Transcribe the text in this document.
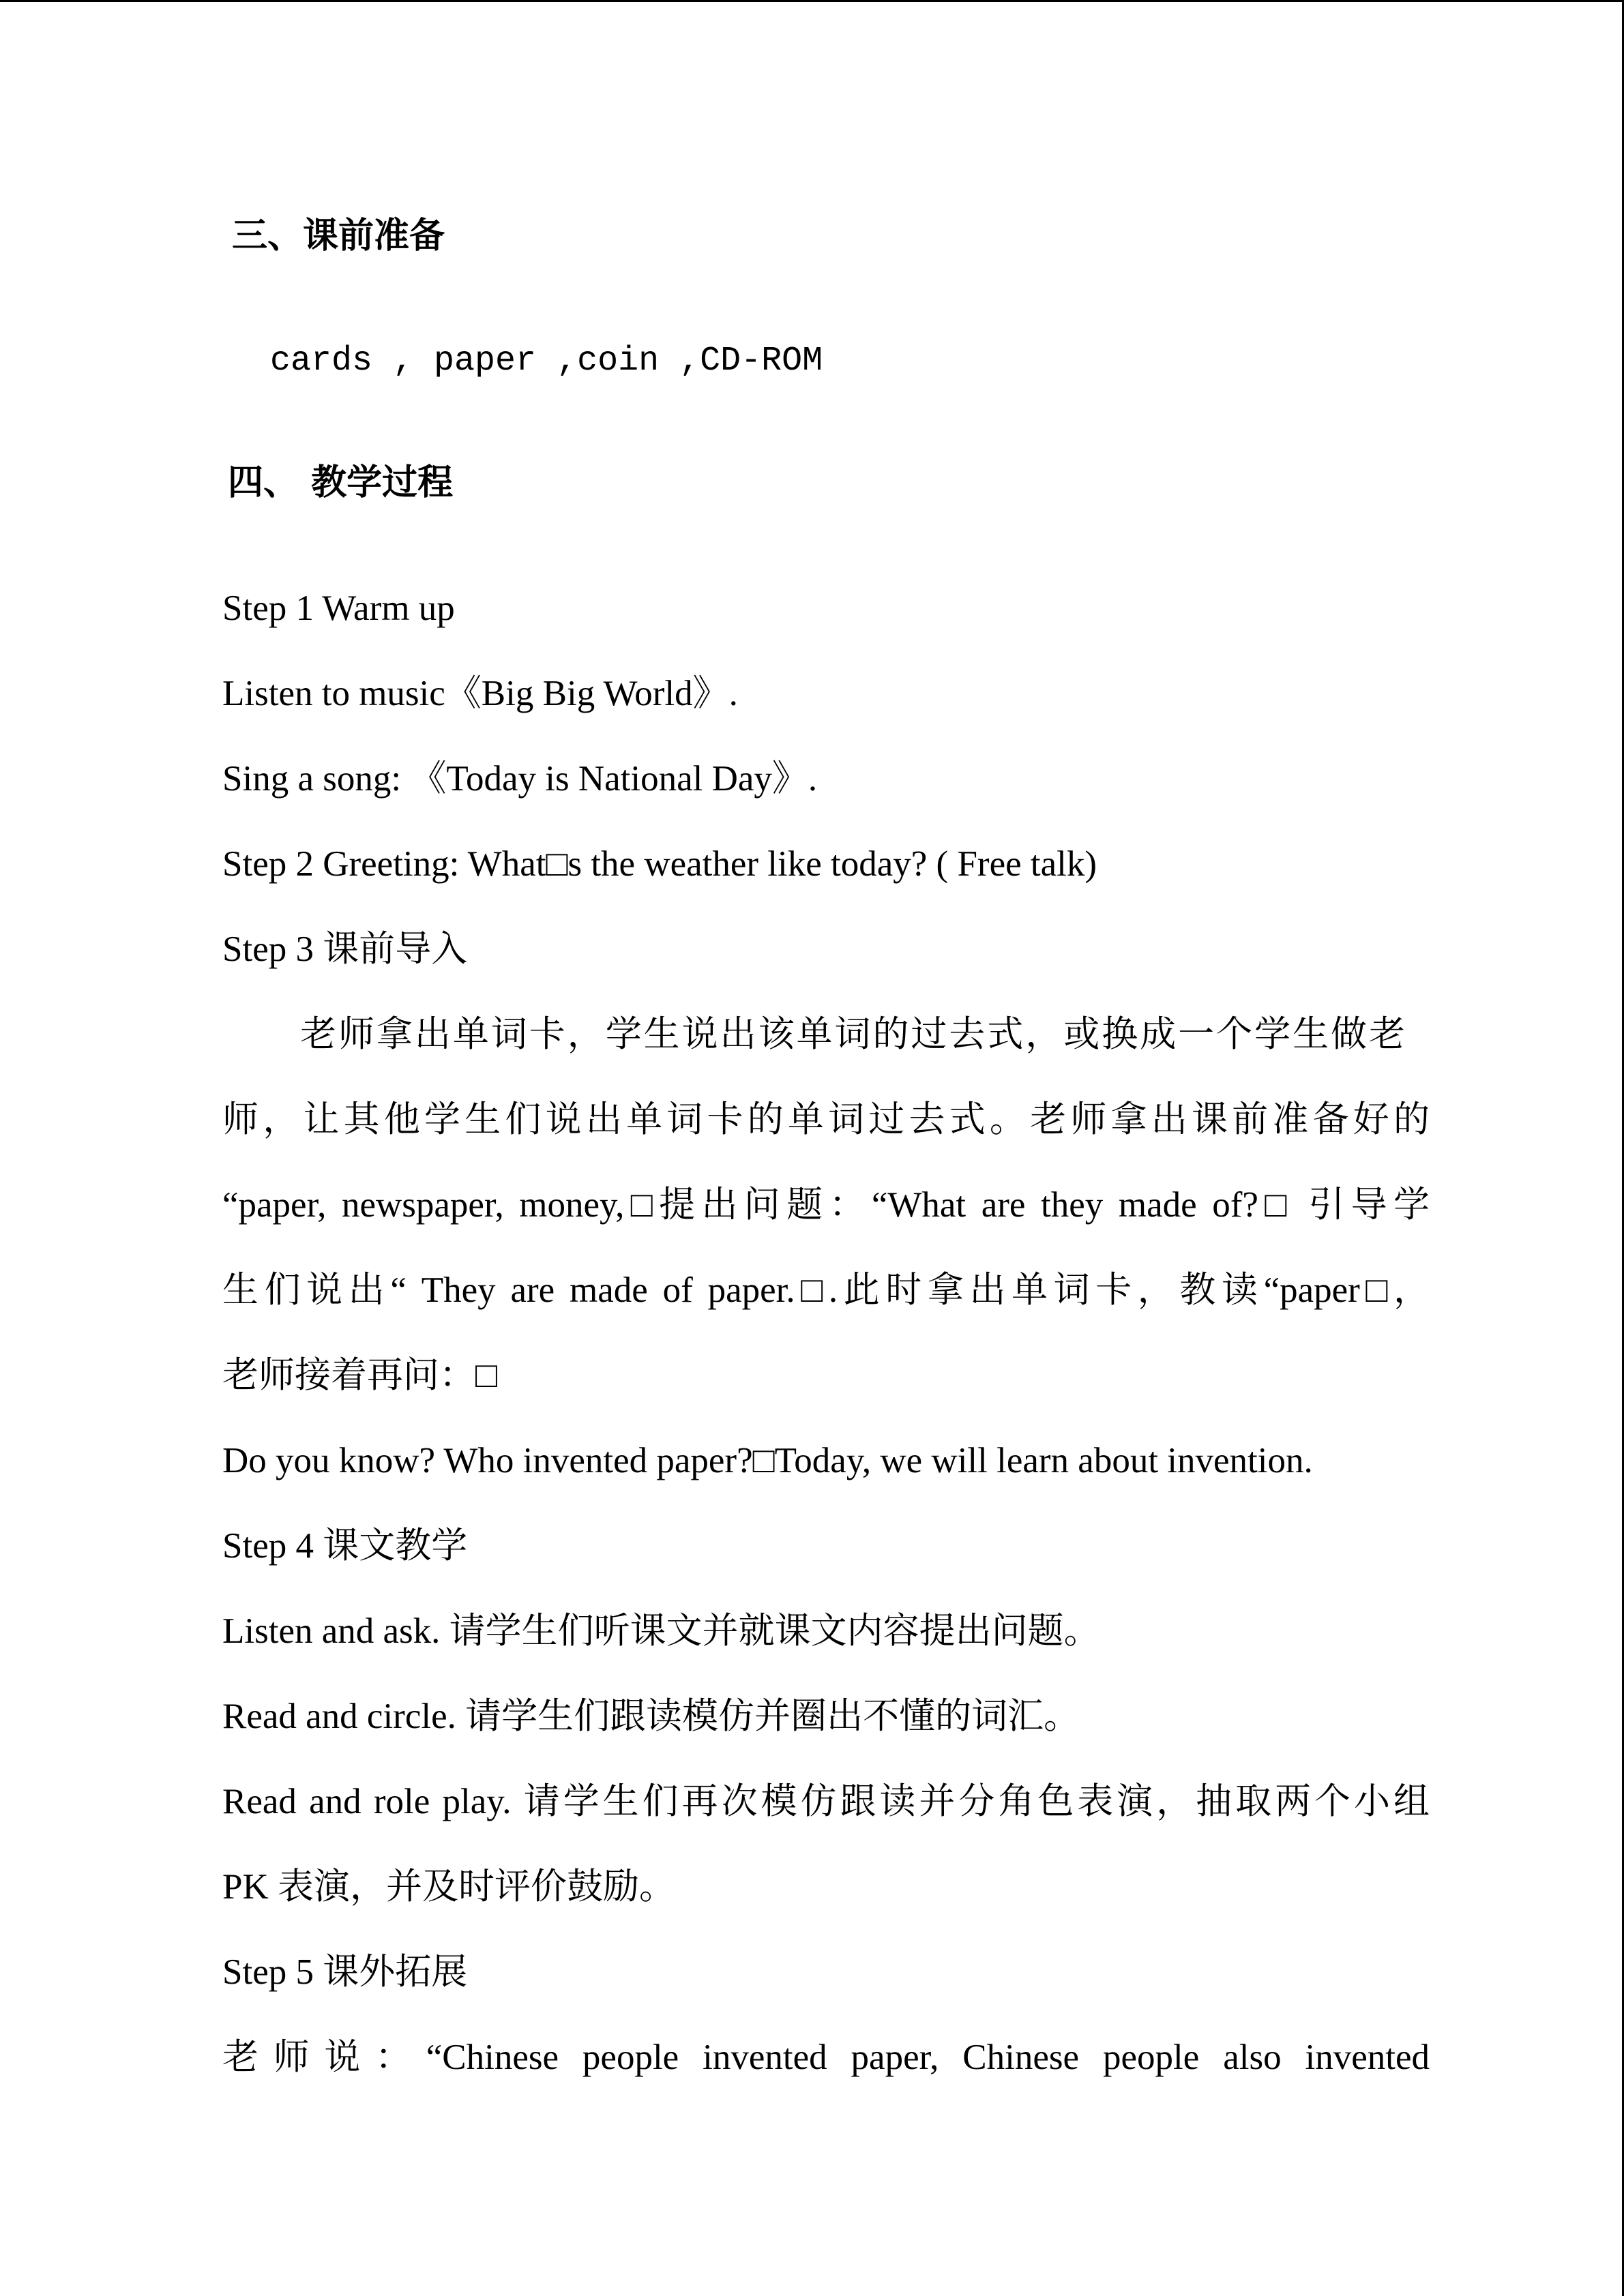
三、课前准备
cards , paper ,coin ,CD-ROM
四、 教学过程
Step 1 Warm up
Listen to music《Big Big World》.
Sing a song: 《Today is National Day》.
Step 2 Greeting: What□s the weather like today? ( Free talk)
Step 3 课前导入
老师拿出单词卡，学生说出该单词的过去式，或换成一个学生做老
师，让其他学生们说出单词卡的单词过去式。老师拿出课前准备好的
“paper, newspaper, money,□提出问题：“What are they made of?□ 引导学
生们说出“ They are made of paper.□.此时拿出单词卡，教读“paper□，
老师接着再问：□
Do you know? Who invented paper?□Today, we will learn about invention.
Step 4 课文教学
Listen and ask. 请学生们听课文并就课文内容提出问题。
Read and circle. 请学生们跟读模仿并圈出不懂的词汇。
Read and role play. 请学生们再次模仿跟读并分角色表演，抽取两个小组
PK 表演，并及时评价鼓励。
Step 5 课外拓展
老师说：“Chinese people invented paper, Chinese people also invented
